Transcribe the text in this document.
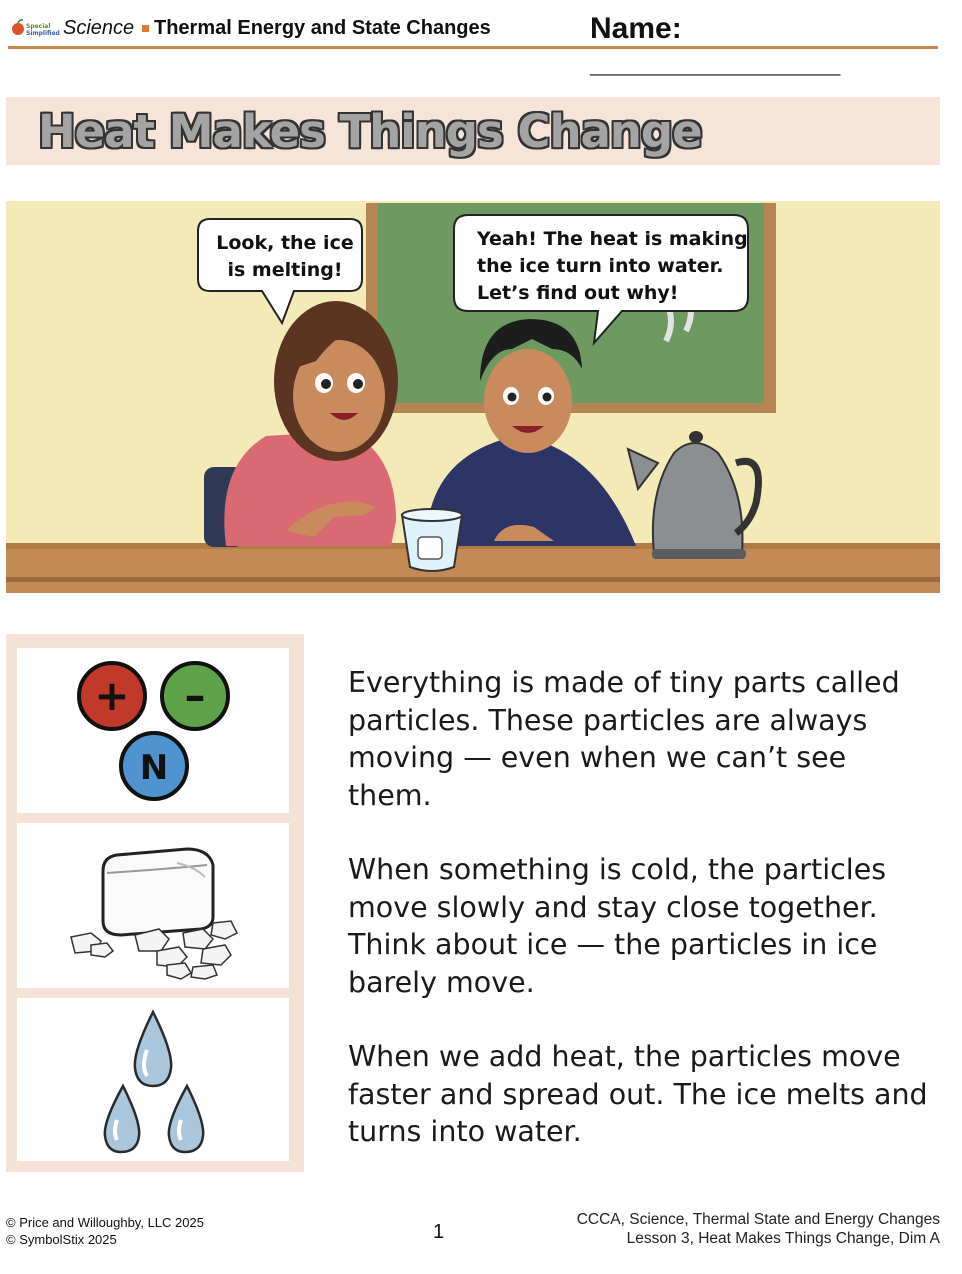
Special
Simplified Science Thermal Energy and State Changes	Name: _______________
Heat Makes Things Change
Look, the ice
is melting!
Yeah! The heat is making
the ice turn into water.
Let’s find out why!
+ –
N

Everything is made of tiny parts called particles. These particles are always moving — even when we can’t see them.

When something is cold, the particles move slowly and stay close together. Think about ice — the particles in ice barely move.

When we add heat, the particles move faster and spread out. The ice melts and turns into water.

© Price and Willoughby, LLC 2025
© SymbolStix 2025	1
CCCA, Science, Thermal State and Energy Changes
Lesson 3, Heat Makes Things Change, Dim A
